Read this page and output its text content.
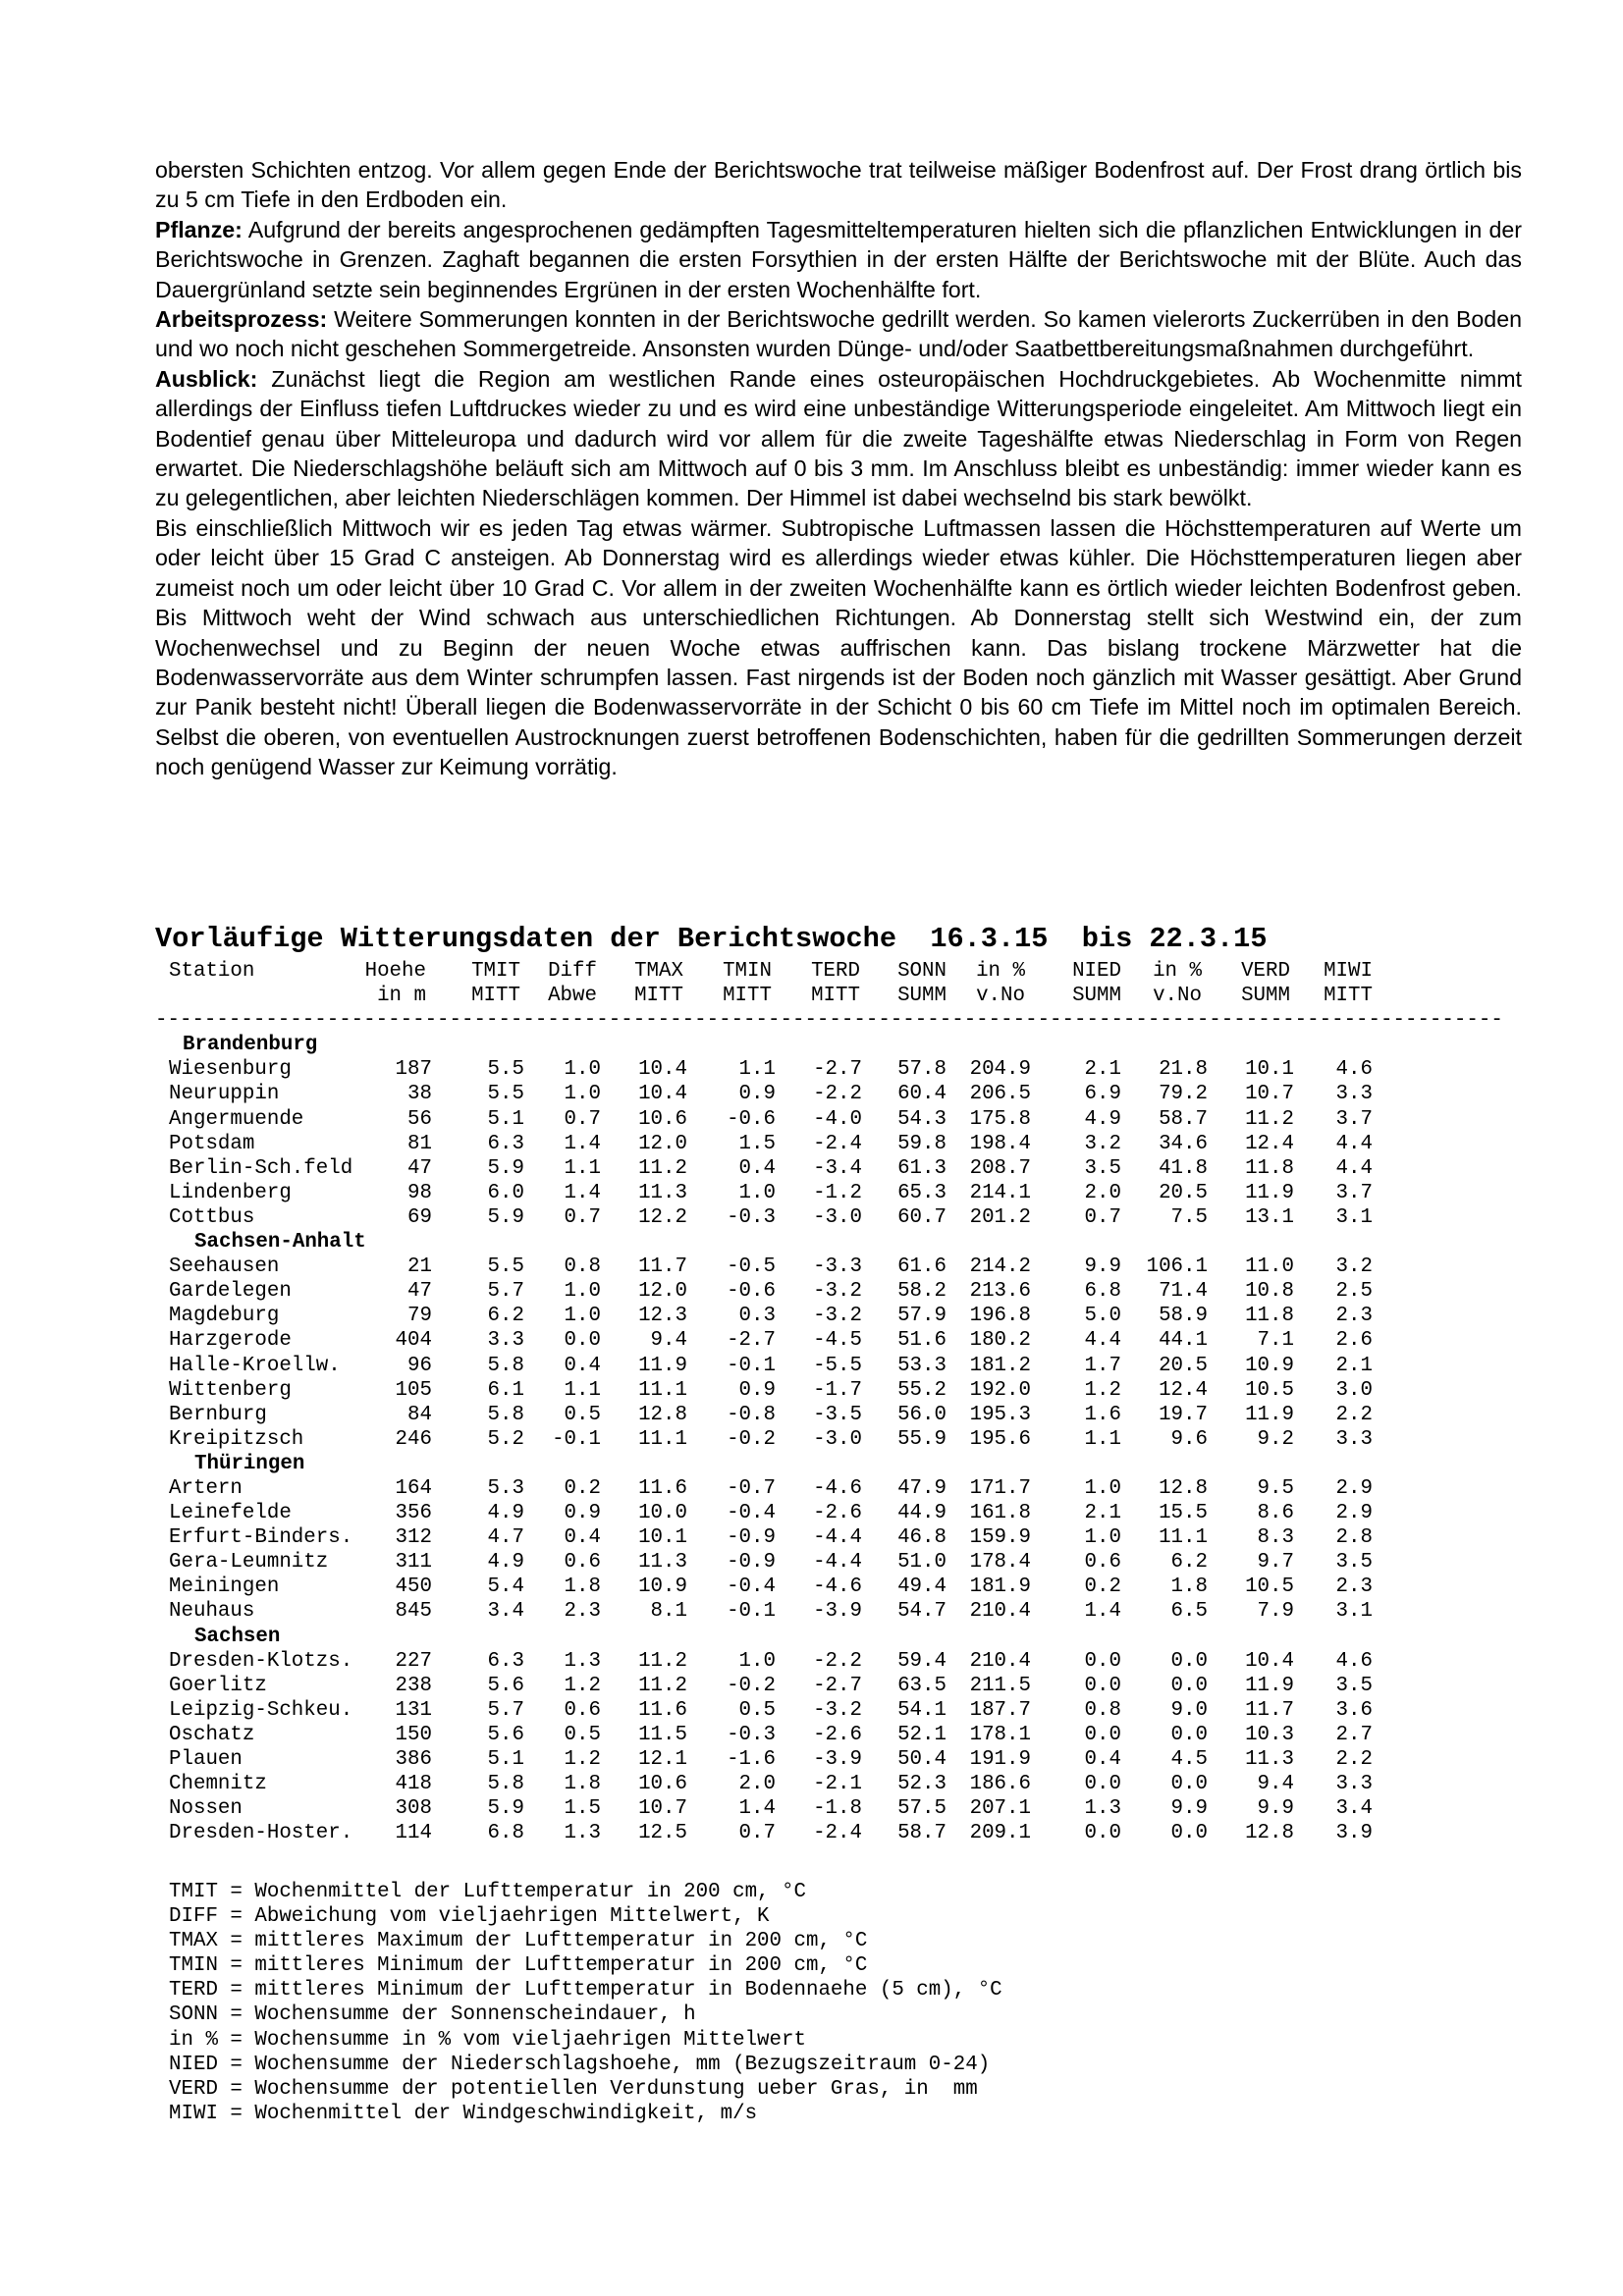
obersten Schichten entzog. Vor allem gegen Ende der Berichtswoche trat teilweise mäßiger Bodenfrost auf. Der Frost drang örtlich bis zu 5 cm Tiefe in den Erdboden ein.

Pflanze: Aufgrund der bereits angesprochenen gedämpften Tagesmitteltemperaturen hielten sich die pflanzlichen Entwicklungen in der Berichtswoche in Grenzen. Zaghaft begannen die ersten Forsythien in der ersten Hälfte der Berichtswoche mit der Blüte. Auch das Dauergrünland setzte sein beginnendes Ergrünen in der ersten Wochenhälfte fort.

Arbeitsprozess: Weitere Sommerungen konnten in der Berichtswoche gedrillt werden. So kamen vielerorts Zuckerrüben in den Boden und wo noch nicht geschehen Sommergetreide. Ansonsten wurden Dünge- und/oder Saatbettbereitungsmaßnahmen durchgeführt.

Ausblick: Zunächst liegt die Region am westlichen Rande eines osteuropäischen Hochdruckgebietes. Ab Wochenmitte nimmt allerdings der Einfluss tiefen Luftdruckes wieder zu und es wird eine unbeständige Witterungsperiode eingeleitet. Am Mittwoch liegt ein Bodentief genau über Mitteleuropa und dadurch wird vor allem für die zweite Tageshälfte etwas Niederschlag in Form von Regen erwartet. Die Niederschlagshöhe beläuft sich am Mittwoch auf 0 bis 3 mm. Im Anschluss bleibt es unbeständig: immer wieder kann es zu gelegentlichen, aber leichten Niederschlägen kommen. Der Himmel ist dabei wechselnd bis stark bewölkt.

Bis einschließlich Mittwoch wir es jeden Tag etwas wärmer. Subtropische Luftmassen lassen die Höchsttemperaturen auf Werte um oder leicht über 15 Grad C ansteigen. Ab Donnerstag wird es allerdings wieder etwas kühler. Die Höchsttemperaturen liegen aber zumeist noch um oder leicht über 10 Grad C. Vor allem in der zweiten Wochenhälfte kann es örtlich wieder leichten Bodenfrost geben. Bis Mittwoch weht der Wind schwach aus unterschiedlichen Richtungen. Ab Donnerstag stellt sich Westwind ein, der zum Wochenwechsel und zu Beginn der neuen Woche etwas auffrischen kann. Das bislang trockene Märzwetter hat die Bodenwasservorräte aus dem Winter schrumpfen lassen. Fast nirgends ist der Boden noch gänzlich mit Wasser gesättigt. Aber Grund zur Panik besteht nicht! Überall liegen die Bodenwasservorräte in der Schicht 0 bis 60 cm Tiefe im Mittel noch im optimalen Bereich. Selbst die oberen, von eventuellen Austrocknungen zuerst betroffenen Bodenschichten, haben für die gedrillten Sommerungen derzeit noch genügend Wasser zur Keimung vorrätig.

Vorläufige Witterungsdaten der Berichtswoche  16.3.15  bis 22.3.15
Station	Hoehe TMIT Diff TMAX TMIN TERD SONN in % NIED in % VERD MIWI
in m MITT Abwe MITT MITT MITT SUMM v.No SUMM v.No SUMM MITT
--------------------------------------------------------------------------------------------------------------
Brandenburg
Wiesenburg	187	5.5 1.0 10.4	1.1 -2.7 57.8 204.9	2.1 21.8 10.1 4.6
Neuruppin	38	5.5 1.0 10.4	0.9 -2.2 60.4 206.5	6.9 79.2 10.7 3.3
Angermuende	56	5.1 0.7 10.6 -0.6 -4.0 54.3 175.8	4.9 58.7 11.2 3.7
Potsdam	81	6.3 1.4 12.0	1.5 -2.4 59.8 198.4	3.2 34.6 12.4 4.4
Berlin-Sch.feld	47	5.9 1.1 11.2	0.4 -3.4 61.3 208.7	3.5 41.8 11.8 4.4
Lindenberg	98	6.0 1.4 11.3	1.0 -1.2 65.3 214.1	2.0 20.5 11.9 3.7
Cottbus	69	5.9 0.7 12.2 -0.3 -3.0 60.7 201.2	0.7 7.5 13.1 3.1
Sachsen-Anhalt
Seehausen	21	5.5 0.8 11.7 -0.5 -3.3 61.6 214.2	9.9 106.1 11.0 3.2
Gardelegen	47	5.7 1.0 12.0 -0.6 -3.2 58.2 213.6	6.8 71.4 10.8 2.5
Magdeburg	79	6.2 1.0 12.3	0.3 -3.2 57.9 196.8	5.0 58.9 11.8 2.3
Harzgerode	404	3.3 0.0 9.4 -2.7 -4.5 51.6 180.2	4.4 44.1 7.1 2.6
Halle-Kroellw.	96	5.8 0.4 11.9 -0.1 -5.5 53.3 181.2	1.7 20.5 10.9 2.1
Wittenberg	105	6.1 1.1 11.1	0.9 -1.7 55.2 192.0	1.2 12.4 10.5 3.0
Bernburg	84	5.8 0.5 12.8 -0.8 -3.5 56.0 195.3	1.6 19.7 11.9 2.2
Kreipitzsch	246	5.2 -0.1 11.1 -0.2 -3.0 55.9 195.6	1.1 9.6 9.2 3.3
Thüringen
Artern	164	5.3 0.2 11.6 -0.7 -4.6 47.9 171.7	1.0 12.8 9.5 2.9
Leinefelde	356	4.9 0.9 10.0 -0.4 -2.6 44.9 161.8	2.1 15.5 8.6 2.9
Erfurt-Binders. 312	4.7 0.4 10.1 -0.9 -4.4 46.8 159.9	1.0 11.1 8.3 2.8
Gera-Leumnitz	311	4.9 0.6 11.3 -0.9 -4.4 51.0 178.4	0.6 6.2 9.7 3.5
Meiningen	450	5.4 1.8 10.9 -0.4 -4.6 49.4 181.9	0.2 1.8 10.5 2.3
Neuhaus	845	3.4 2.3 8.1 -0.1 -3.9 54.7 210.4	1.4 6.5 7.9 3.1
Sachsen
Dresden-Klotzs. 227	6.3 1.3 11.2	1.0 -2.2 59.4 210.4	0.0 0.0 10.4 4.6
Goerlitz	238	5.6 1.2 11.2 -0.2 -2.7 63.5 211.5	0.0 0.0 11.9 3.5
Leipzig-Schkeu. 131	5.7 0.6 11.6	0.5 -3.2 54.1 187.7	0.8 9.0 11.7 3.6
Oschatz	150	5.6 0.5 11.5 -0.3 -2.6 52.1 178.1	0.0 0.0 10.3 2.7
Plauen	386	5.1 1.2 12.1 -1.6 -3.9 50.4 191.9	0.4 4.5 11.3 2.2
Chemnitz	418	5.8 1.8 10.6	2.0 -2.1 52.3 186.6	0.0 0.0 9.4 3.3
Nossen	308	5.9 1.5 10.7	1.4 -1.8 57.5 207.1	1.3 9.9 9.9 3.4
Dresden-Hoster. 114	6.8 1.3 12.5	0.7 -2.4 58.7 209.1	0.0 0.0 12.8 3.9
TMIT = Wochenmittel der Lufttemperatur in 200 cm, °C
DIFF = Abweichung vom vieljaehrigen Mittelwert, K
TMAX = mittleres Maximum der Lufttemperatur in 200 cm, °C
TMIN = mittleres Minimum der Lufttemperatur in 200 cm, °C
TERD = mittleres Minimum der Lufttemperatur in Bodennaehe (5 cm), °C
SONN = Wochensumme der Sonnenscheindauer, h
in % = Wochensumme in % vom vieljaehrigen Mittelwert
NIED = Wochensumme der Niederschlagshoehe, mm (Bezugszeitraum 0-24)
VERD = Wochensumme der potentiellen Verdunstung ueber Gras, in  mm
MIWI = Wochenmittel der Windgeschwindigkeit, m/s
